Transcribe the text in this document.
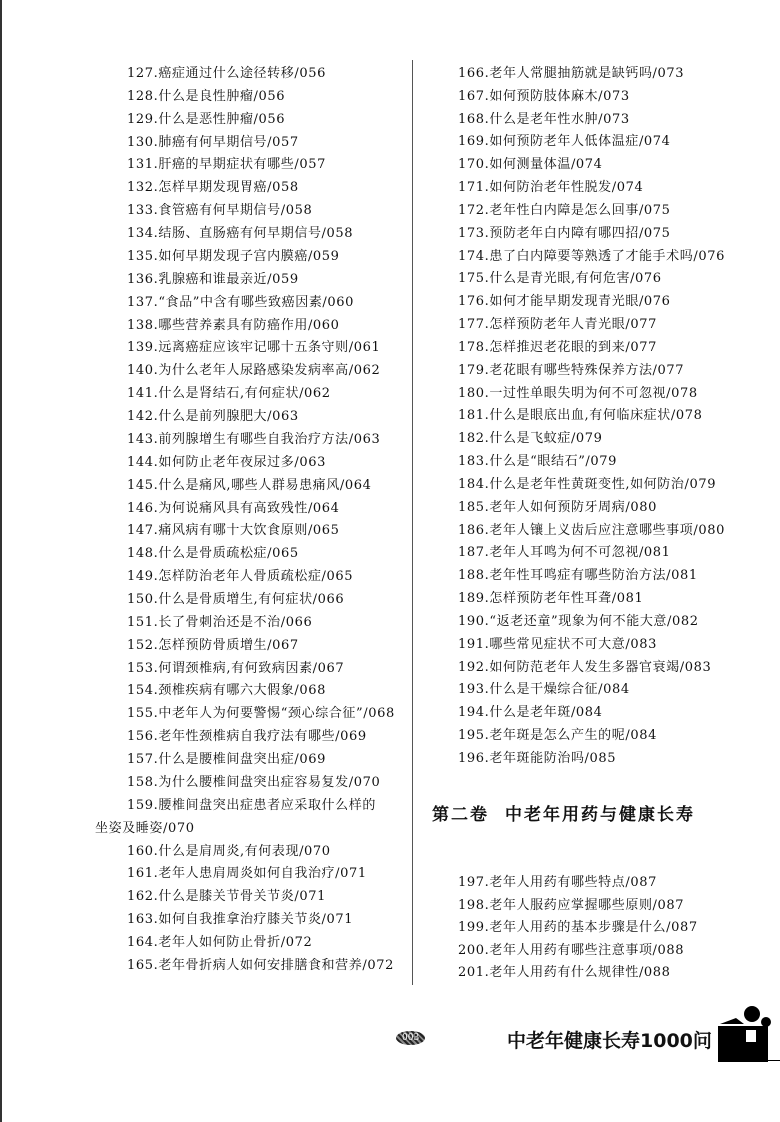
127.癌症通过什么途径转移/056
128.什么是良性肿瘤/056
129.什么是恶性肿瘤/056
130.肺癌有何早期信号/057
131.肝癌的早期症状有哪些/057
132.怎样早期发现胃癌/058
133.食管癌有何早期信号/058
134.结肠、直肠癌有何早期信号/058
135.如何早期发现子宫内膜癌/059
136.乳腺癌和谁最亲近/059
137.“食品”中含有哪些致癌因素/060
138.哪些营养素具有防癌作用/060
139.远离癌症应该牢记哪十五条守则/061
140.为什么老年人尿路感染发病率高/062
141.什么是肾结石,有何症状/062
142.什么是前列腺肥大/063
143.前列腺增生有哪些自我治疗方法/063
144.如何防止老年夜尿过多/063
145.什么是痛风,哪些人群易患痛风/064
146.为何说痛风具有高致残性/064
147.痛风病有哪十大饮食原则/065
148.什么是骨质疏松症/065
149.怎样防治老年人骨质疏松症/065
150.什么是骨质增生,有何症状/066
151.长了骨刺治还是不治/066
152.怎样预防骨质增生/067
153.何谓颈椎病,有何致病因素/067
154.颈椎疾病有哪六大假象/068
155.中老年人为何要警惕“颈心综合征”/068
156.老年性颈椎病自我疗法有哪些/069
157.什么是腰椎间盘突出症/069
158.为什么腰椎间盘突出症容易复发/070
159.腰椎间盘突出症患者应采取什么样的
坐姿及睡姿/070
160.什么是肩周炎,有何表现/070
161.老年人患肩周炎如何自我治疗/071
162.什么是膝关节骨关节炎/071
163.如何自我推拿治疗膝关节炎/071
164.老年人如何防止骨折/072
165.老年骨折病人如何安排膳食和营养/072
166.老年人常腿抽筋就是缺钙吗/073
167.如何预防肢体麻木/073
168.什么是老年性水肿/073
169.如何预防老年人低体温症/074
170.如何测量体温/074
171.如何防治老年性脱发/074
172.老年性白内障是怎么回事/075
173.预防老年白内障有哪四招/075
174.患了白内障要等熟透了才能手术吗/076
175.什么是青光眼,有何危害/076
176.如何才能早期发现青光眼/076
177.怎样预防老年人青光眼/077
178.怎样推迟老花眼的到来/077
179.老花眼有哪些特殊保养方法/077
180.一过性单眼失明为何不可忽视/078
181.什么是眼底出血,有何临床症状/078
182.什么是飞蚊症/079
183.什么是“眼结石”/079
184.什么是老年性黄斑变性,如何防治/079
185.老年人如何预防牙周病/080
186.老年人镶上义齿后应注意哪些事项/080
187.老年人耳鸣为何不可忽视/081
188.老年性耳鸣症有哪些防治方法/081
189.怎样预防老年性耳聋/081
190.“返老还童”现象为何不能大意/082
191.哪些常见症状不可大意/083
192.如何防范老年人发生多器官衰竭/083
193.什么是干燥综合征/084
194.什么是老年斑/084
195.老年斑是怎么产生的呢/084
196.老年斑能防治吗/085
第二卷 中老年用药与健康长寿
197.老年人用药有哪些特点/087
198.老年人服药应掌握哪些原则/087
199.老年人用药的基本步骤是什么/087
200.老年人用药有哪些注意事项/088
201.老年人用药有什么规律性/088
003	中老年健康长寿1000问
